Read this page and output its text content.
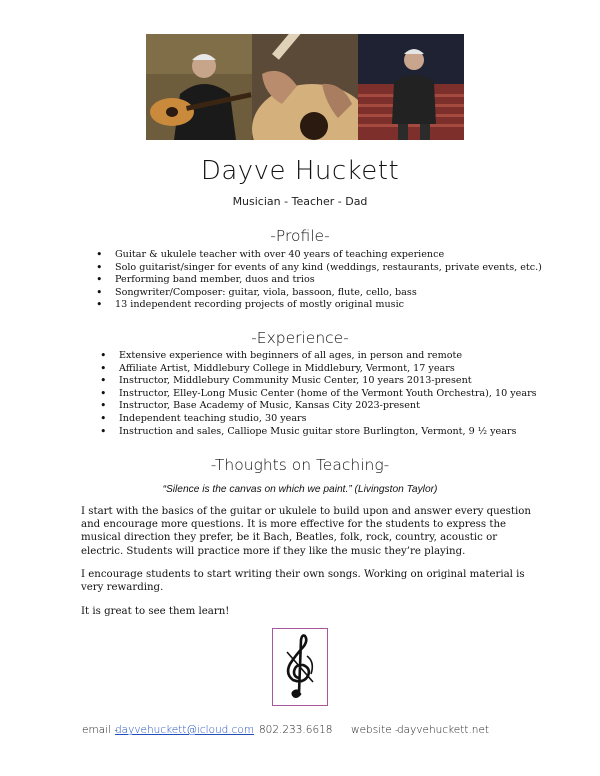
Dayve Huckett
Musician - Teacher - Dad
-Profile-
• Guitar & ukulele teacher with over 40 years of teaching experience
• Solo guitarist/singer for events of any kind (weddings, restaurants, private events, etc.)
• Performing band member, duos and trios
• Songwriter/Composer: guitar, viola, bassoon, flute, cello, bass
• 13 independent recording projects of mostly original music
-Experience-
• Extensive experience with beginners of all ages, in person and remote
• Affiliate Artist, Middlebury College in Middlebury, Vermont, 17 years
• Instructor, Middlebury Community Music Center, 10 years 2013-present
• Instructor, Elley-Long Music Center (home of the Vermont Youth Orchestra), 10 years
• Instructor, Base Academy of Music, Kansas City 2023-present
• Independent teaching studio, 30 years
• Instruction and sales, Calliope Music guitar store Burlington, Vermont, 9 ½ years
-Thoughts on Teaching-
“Silence is the canvas on which we paint.” (Livingston Taylor)

I start with the basics of the guitar or ukulele to build upon and answer every question and encourage more questions. It is more effective for the students to express the musical direction they prefer, be it Bach, Beatles, folk, rock, country, acoustic or electric. Students will practice more if they like the music they’re playing.

I encourage students to start writing their own songs. Working on original material is very rewarding.

It is great to see them learn!

email -
dayvehuckett@icloud.com 802.233.6618 website -
dayvehuckett.net
